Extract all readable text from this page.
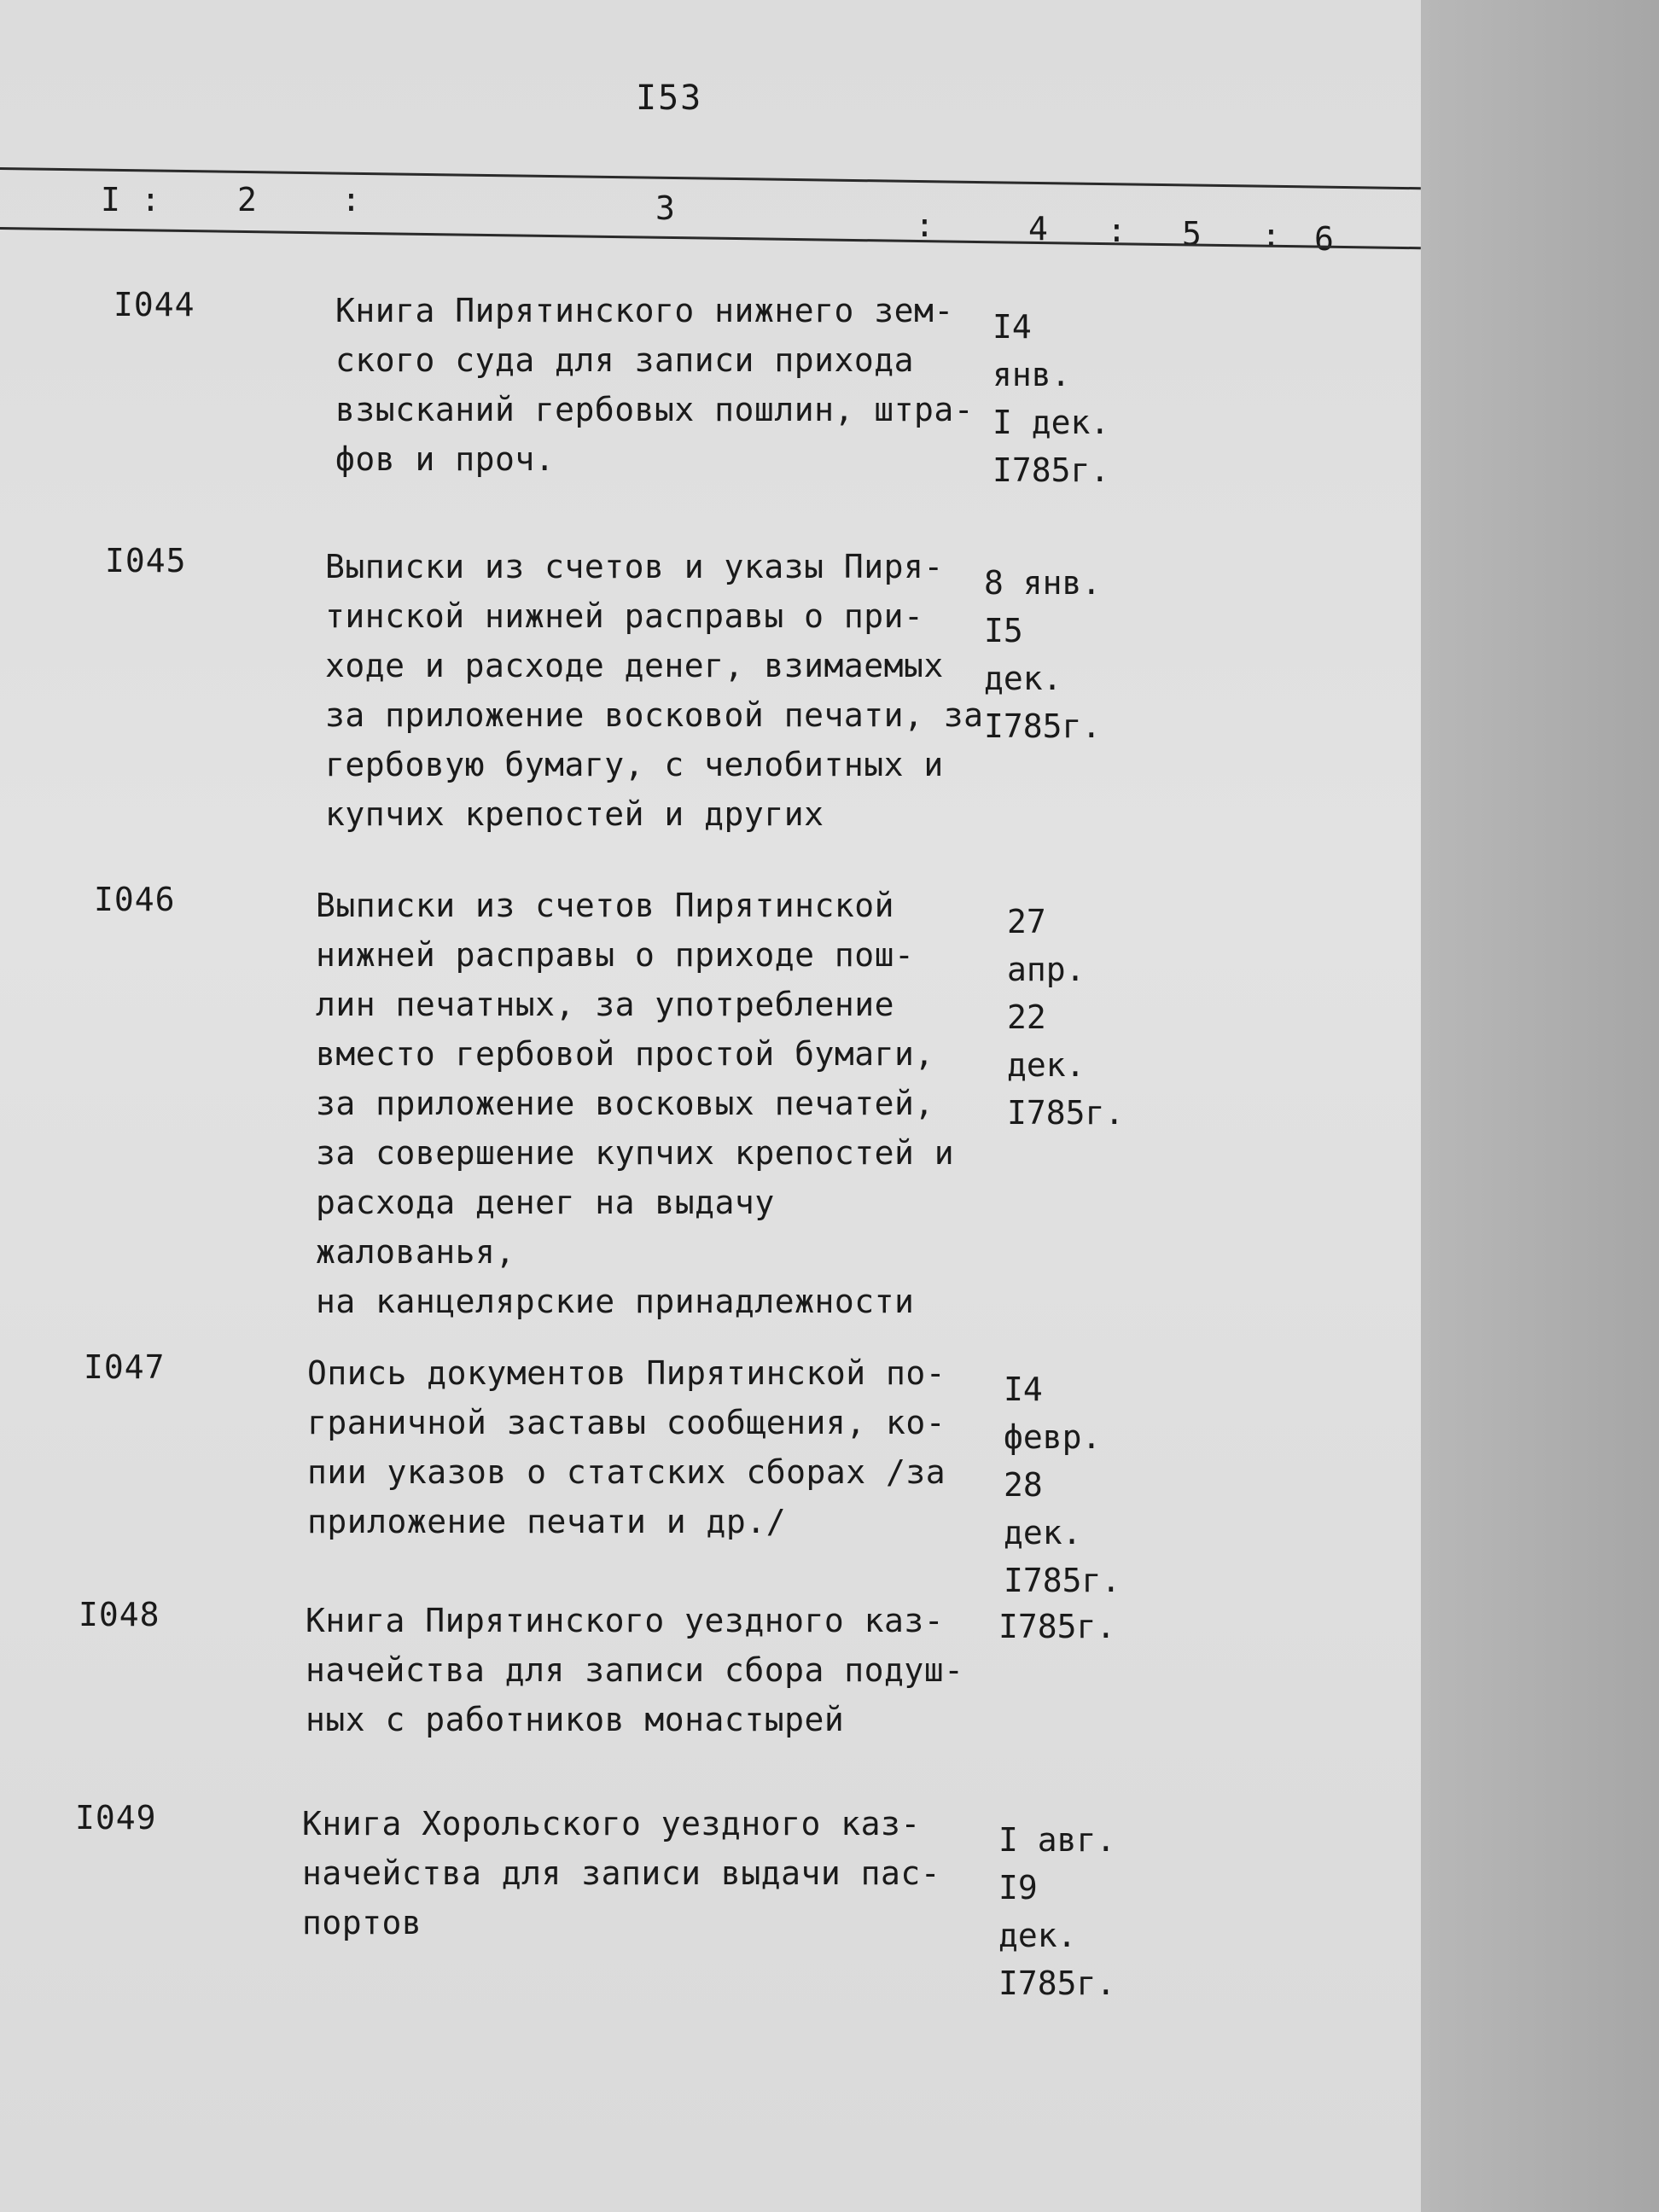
I53
I : 2	:	3	:	4 : 5 : 6
I044	Книга Пирятинского нижнего зем-
ского суда для записи прихода
взысканий гербовых пошлин, штра-
фов и проч.
I4 янв.
I дек.
I785г.
I045	Выписки из счетов и указы Пиря-
тинской нижней расправы о при-
ходе и расходе денег, взимаемых
за приложение восковой печати, за
гербовую бумагу, с челобитных и
купчих крепостей и других
8 янв.
I5 дек.
I785г.
I046	Выписки из счетов Пирятинской
нижней расправы о приходе пош-
лин печатных, за употребление
вместо гербовой простой бумаги,
за приложение восковых печатей,
за совершение купчих крепостей и
расхода денег на выдачу жалованья,
на канцелярские принадлежности
27 апр.
22 дек.
I785г.
I047	Опись документов Пирятинской по-
граничной заставы сообщения, ко-
пии указов о статских сборах /за
приложение печати и др./
I4 февр.
28 дек.
I785г.
I048	Книга Пирятинского уездного каз-
начейства для записи сбора подуш-
ных с работников монастырей
I785г.
I049	Книга Хорольского уездного каз-
начейства для записи выдачи пас-
портов
I авг.
I9 дек.
I785г.
